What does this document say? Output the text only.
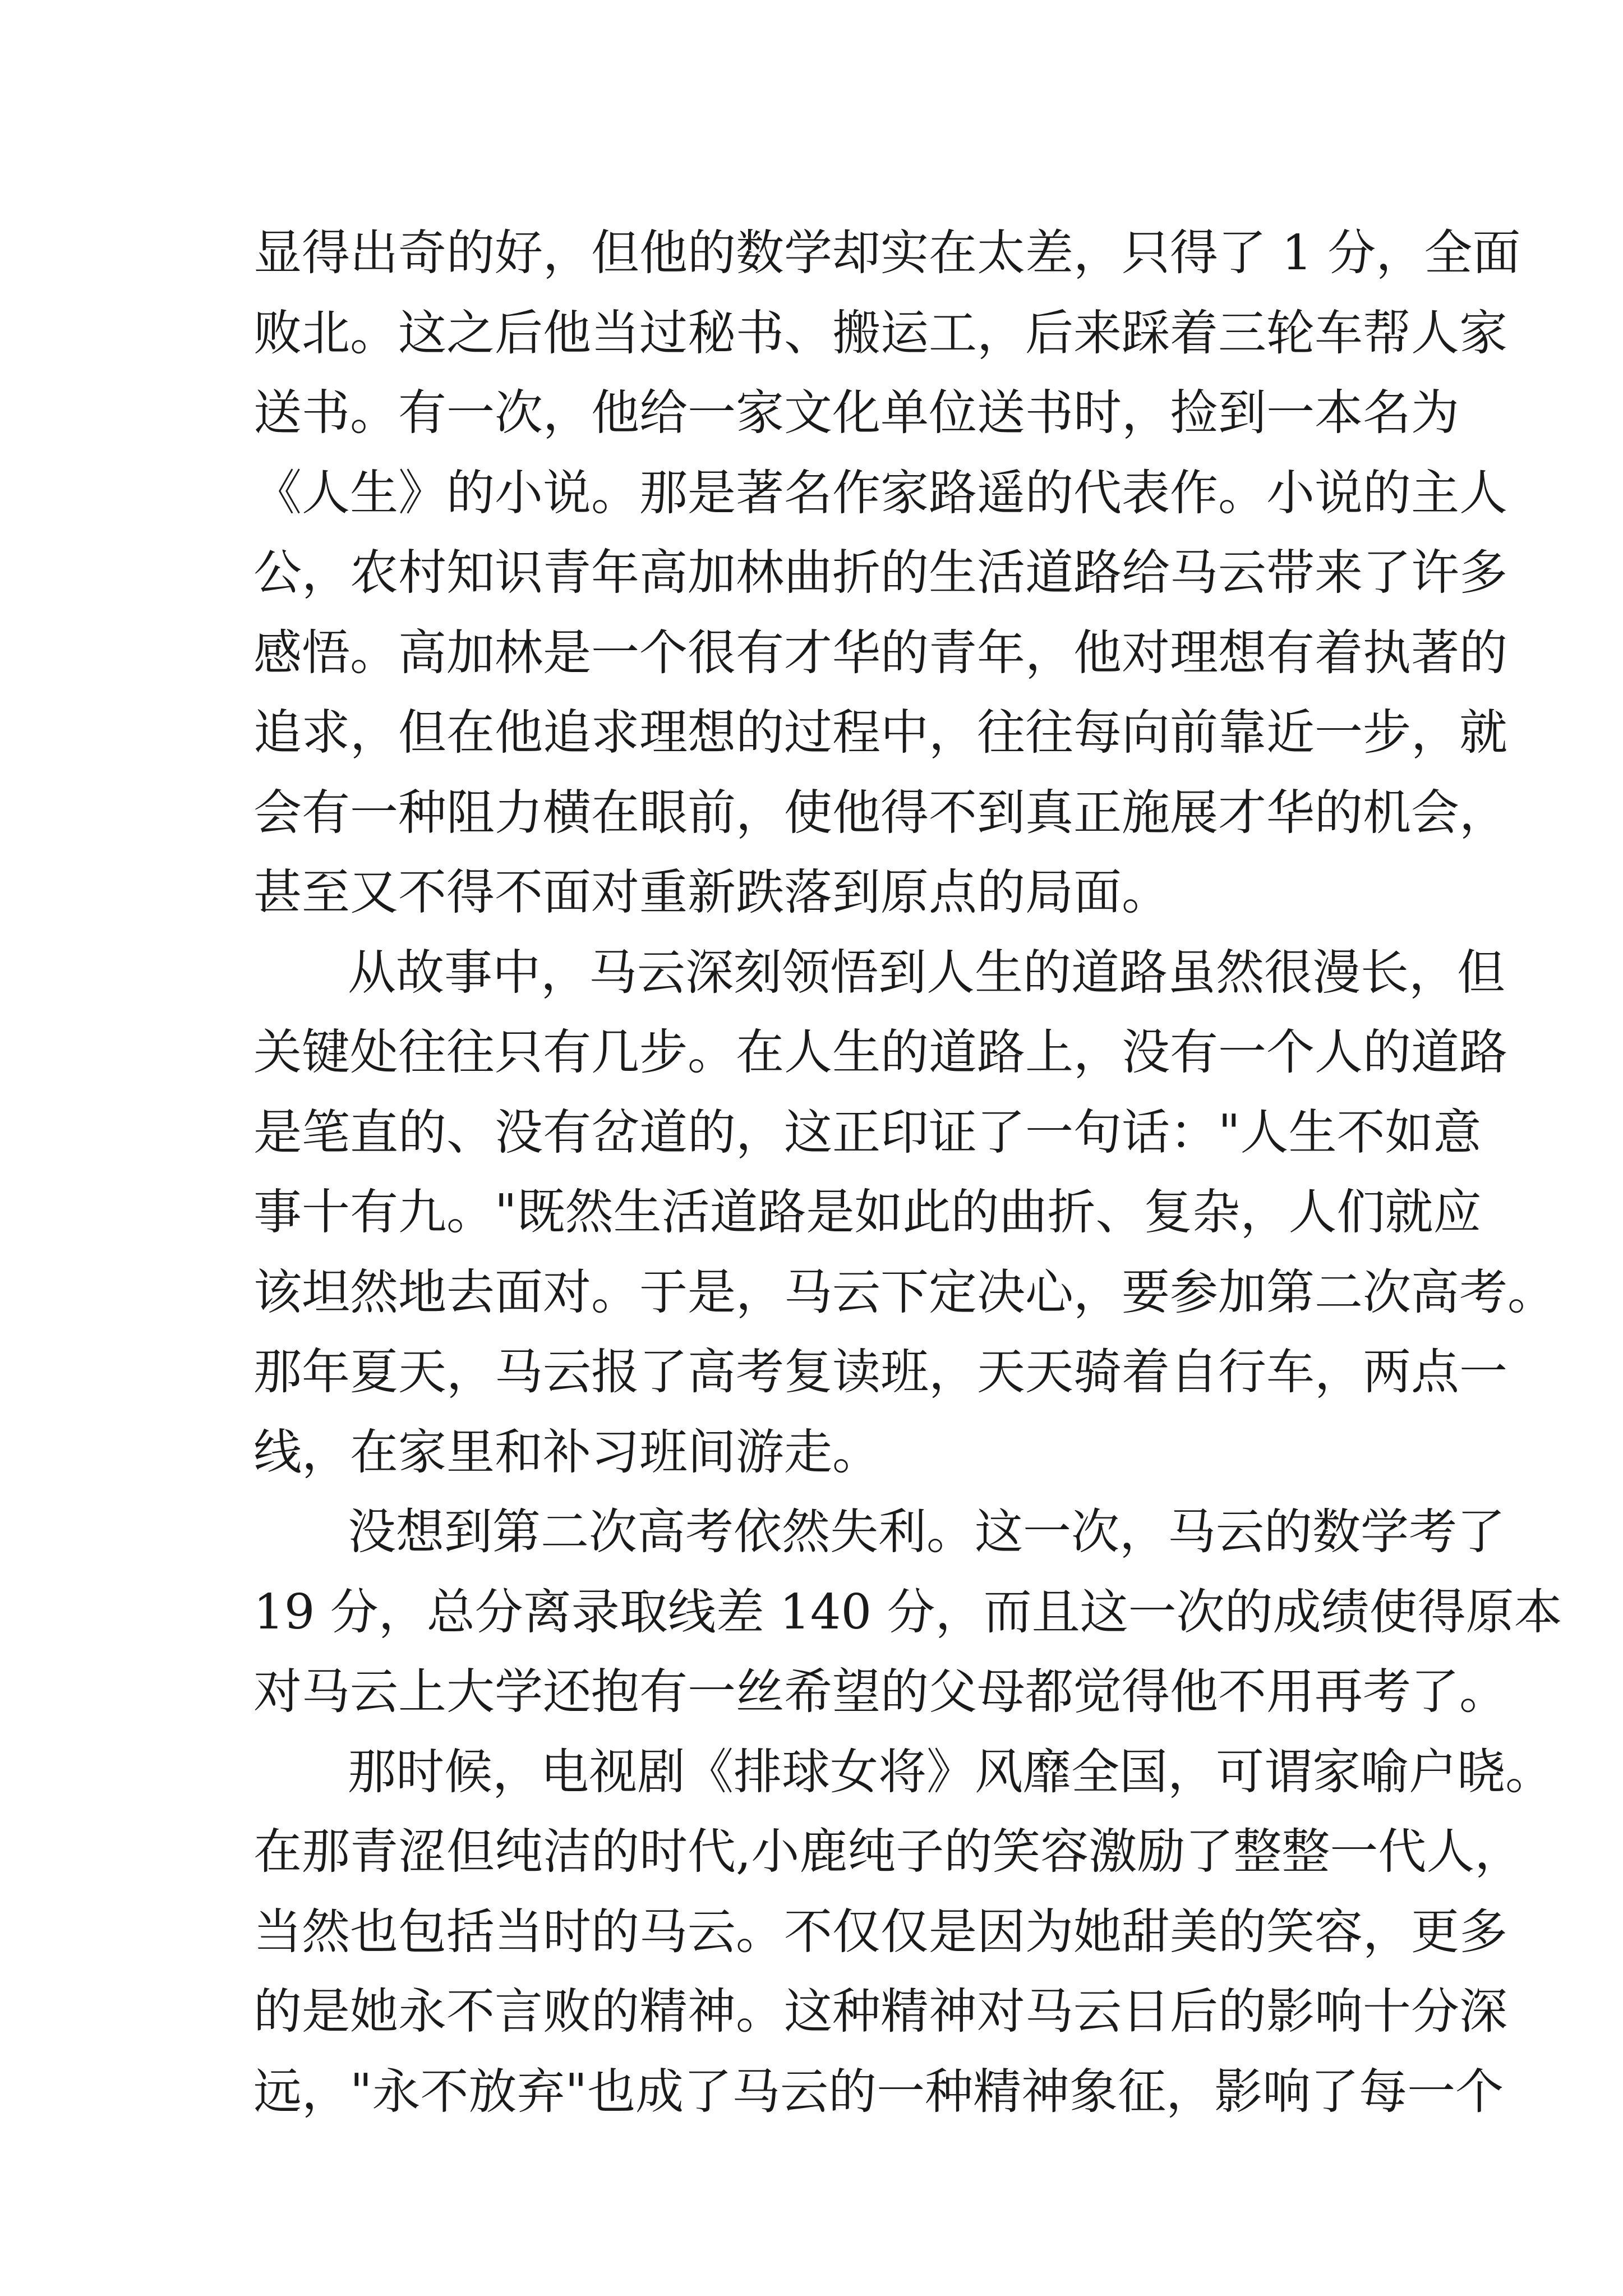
显得出奇的好，但他的数学却实在太差，只得了 1 分，全面
败北。这之后他当过秘书、搬运工，后来踩着三轮车帮人家
送书。有一次，他给一家文化单位送书时，捡到一本名为
《人生》的小说。那是著名作家路遥的代表作。小说的主人
公，农村知识青年高加林曲折的生活道路给马云带来了许多
感悟。高加林是一个很有才华的青年，他对理想有着执著的
追求，但在他追求理想的过程中，往往每向前靠近一步，就
会有一种阻力横在眼前，使他得不到真正施展才华的机会，
甚至又不得不面对重新跌落到原点的局面。
从故事中，马云深刻领悟到人生的道路虽然很漫长，但
关键处往往只有几步。在人生的道路上，没有一个人的道路
是笔直的、没有岔道的，这正印证了一句话："人生不如意
事十有九。"既然生活道路是如此的曲折、复杂，人们就应
该坦然地去面对。于是，马云下定决心，要参加第二次高考。
那年夏天，马云报了高考复读班，天天骑着自行车，两点一
线，在家里和补习班间游走。
没想到第二次高考依然失利。这一次，马云的数学考了
19 分，总分离录取线差 140 分，而且这一次的成绩使得原本
对马云上大学还抱有一丝希望的父母都觉得他不用再考了。
那时候，电视剧《排球女将》风靡全国，可谓家喻户晓。
在那青涩但纯洁的时代,小鹿纯子的笑容激励了整整一代人，
当然也包括当时的马云。不仅仅是因为她甜美的笑容，更多
的是她永不言败的精神。这种精神对马云日后的影响十分深
远，"永不放弃"也成了马云的一种精神象征，影响了每一个
